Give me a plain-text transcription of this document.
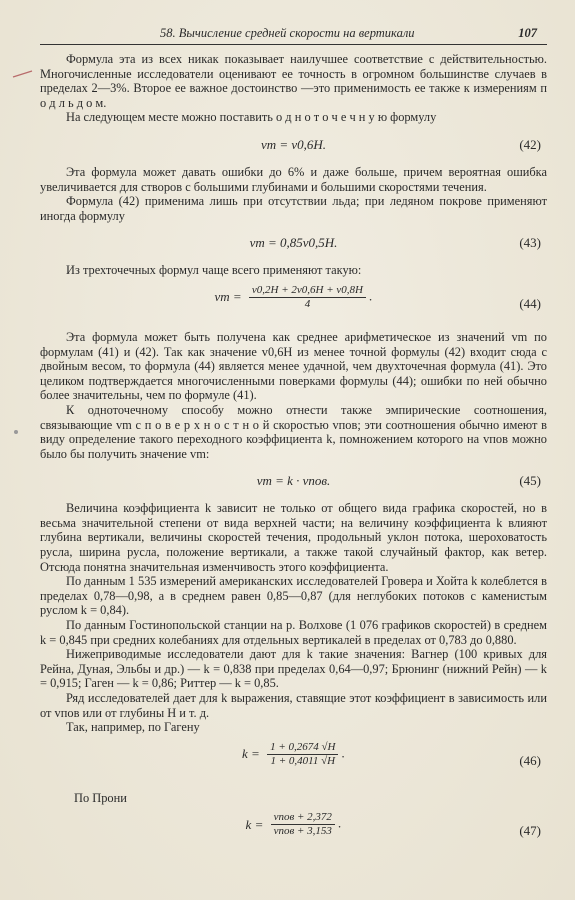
58. Вычисление средней скорости на вертикали	107

Формула эта из всех никак показывает наилучшее соответствие с действительностью. Многочисленные исследователи оценивают ее точность в огромном большинстве случаев в пределах 2—3%. Второе ее важное достоинство —это применимость ее также к измерениям п о д л ь д о м.

На следующем месте можно поставить о д н о т о ч е ч н у ю формулу

vm = v0,6H.	(42)

Эта формула может давать ошибки до 6% и даже больше, причем вероятная ошибка увеличивается для створов с большими глубинами и большими скоростями течения.

Формула (42) применима лишь при отсутствии льда; при ледяном покрове применяют иногда формулу

vm = 0,85v0,5H.	(43)

Из трехточечных формул чаще всего применяют такую:

vm = $\frac{v0,2H + 2v0,6H + v0,8H}{4}$ .
(44)

Эта формула может быть получена как среднее арифметическое из значений vm по формулам (41) и (42). Так как значение v0,6H из менее точной формулы (42) входит сюда с двойным весом, то формула (44) является менее удачной, чем двухточечная формула (41). Это целиком подтверждается многочисленными поверками формулы (44); ошибки по ней обычно более значительны, чем по формуле (41).

К одноточечному способу можно отнести также эмпирические соотношения, связывающие vm с п о в е р х н о с т н о й скоростью vпов; эти соотношения обычно имеют в виду определение такого переходного коэффициента k, помножением которого на vпов можно было бы получить значение vm:

vm = k · vпов.	(45)

Величина коэффициента k зависит не только от общего вида графика скоростей, но в весьма значительной степени от вида верхней части; на величину коэффициента k влияют глубина вертикали, величины скоростей течения, продольный уклон потока, шероховатость русла, ширина русла, положение вертикали, а также такой случайный фактор, как ветер. Отсюда понятна значительная изменчивость этого коэффициента.

По данным 1 535 измерений американских исследователей Гровера и Хойта k колеблется в пределах 0,78—0,98, а в среднем равен 0,85—0,87 (для неглубоких потоков с каменистым руслом k = 0,84).

По данным Гостинопольской станции на р. Волхове (1 076 графиков скоростей) в среднем k = 0,845 при средних колебаниях для отдельных вертикалей в пределах от 0,783 до 0,880.

Нижеприводимые исследователи дают для k такие значения: Вагнер (100 кривых для Рейна, Дуная, Эльбы и др.) — k = 0,838 при пределах 0,64—0,97; Брюнинг (нижний Рейн) — k = 0,915; Гаген — k = 0,86; Риттер — k = 0,85.

Ряд исследователей дает для k выражения, ставящие этот коэффициент в зависимость или от vпов или от глубины H и т. д.

Так, например, по Гагену

$k = \frac{1 + 0,2674 √H}{1 + 0,4011 √H}$ .
(46)

По Прони

$k = \frac{\text{vпов + 2,372}}{\text{vпов + 3,153}}$ .
(47)
